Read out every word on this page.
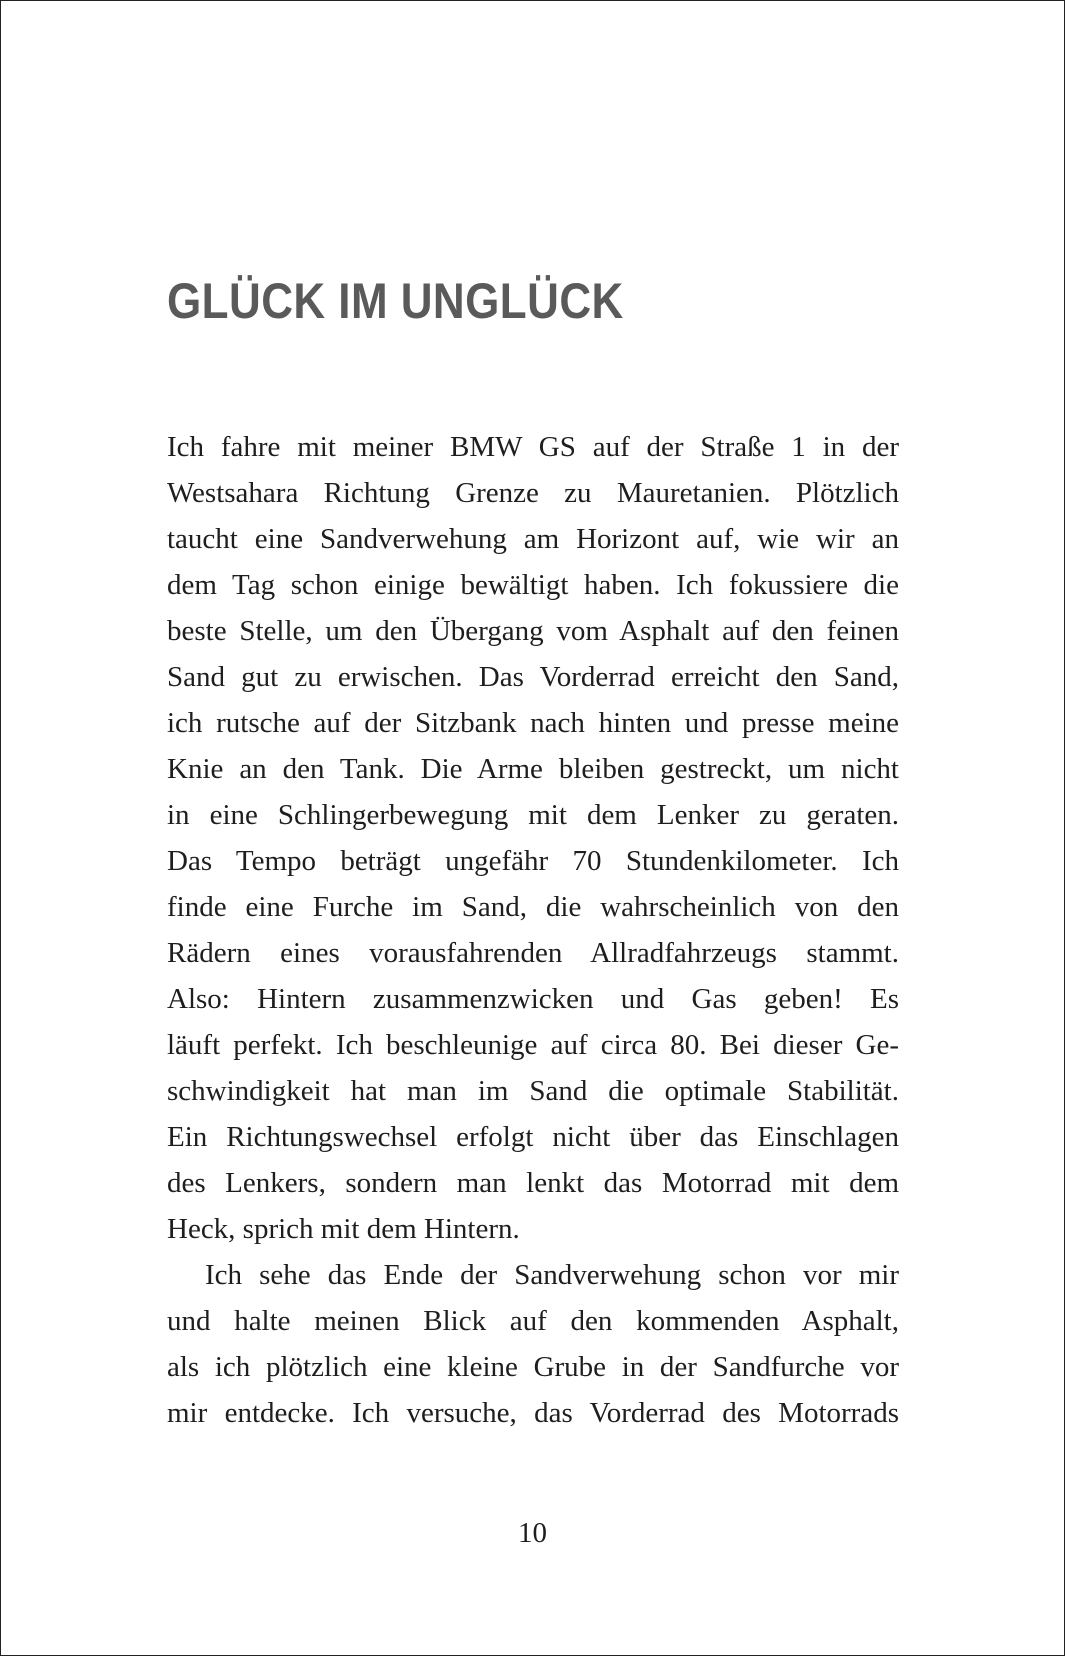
GLÜCK IM UNGLÜCK

Ich fahre mit meiner BMW GS auf der Straße 1 in der
Westsahara Richtung Grenze zu Mauretanien. Plötzlich
taucht eine Sandverwehung am Horizont auf, wie wir an
dem Tag schon einige bewältigt haben. Ich fokussiere die
beste Stelle, um den Übergang vom Asphalt auf den feinen
Sand gut zu erwischen. Das Vorderrad erreicht den Sand,
ich rutsche auf der Sitzbank nach hinten und presse meine
Knie an den Tank. Die Arme bleiben gestreckt, um nicht
in eine Schlingerbewegung mit dem Lenker zu geraten.
Das Tempo beträgt ungefähr 70 Stundenkilometer. Ich
finde eine Furche im Sand, die wahrscheinlich von den
Rädern eines vorausfahrenden Allradfahrzeugs stammt.
Also: Hintern zusammenzwicken und Gas geben! Es
läuft perfekt. Ich beschleunige auf circa 80. Bei dieser Ge-
schwindigkeit hat man im Sand die optimale Stabilität.
Ein Richtungswechsel erfolgt nicht über das Einschlagen
des Lenkers, sondern man lenkt das Motorrad mit dem
Heck, sprich mit dem Hintern.

Ich sehe das Ende der Sandverwehung schon vor mir
und halte meinen Blick auf den kommenden Asphalt,
als ich plötzlich eine kleine Grube in der Sandfurche vor
mir entdecke. Ich versuche, das Vorderrad des Motorrads

10
